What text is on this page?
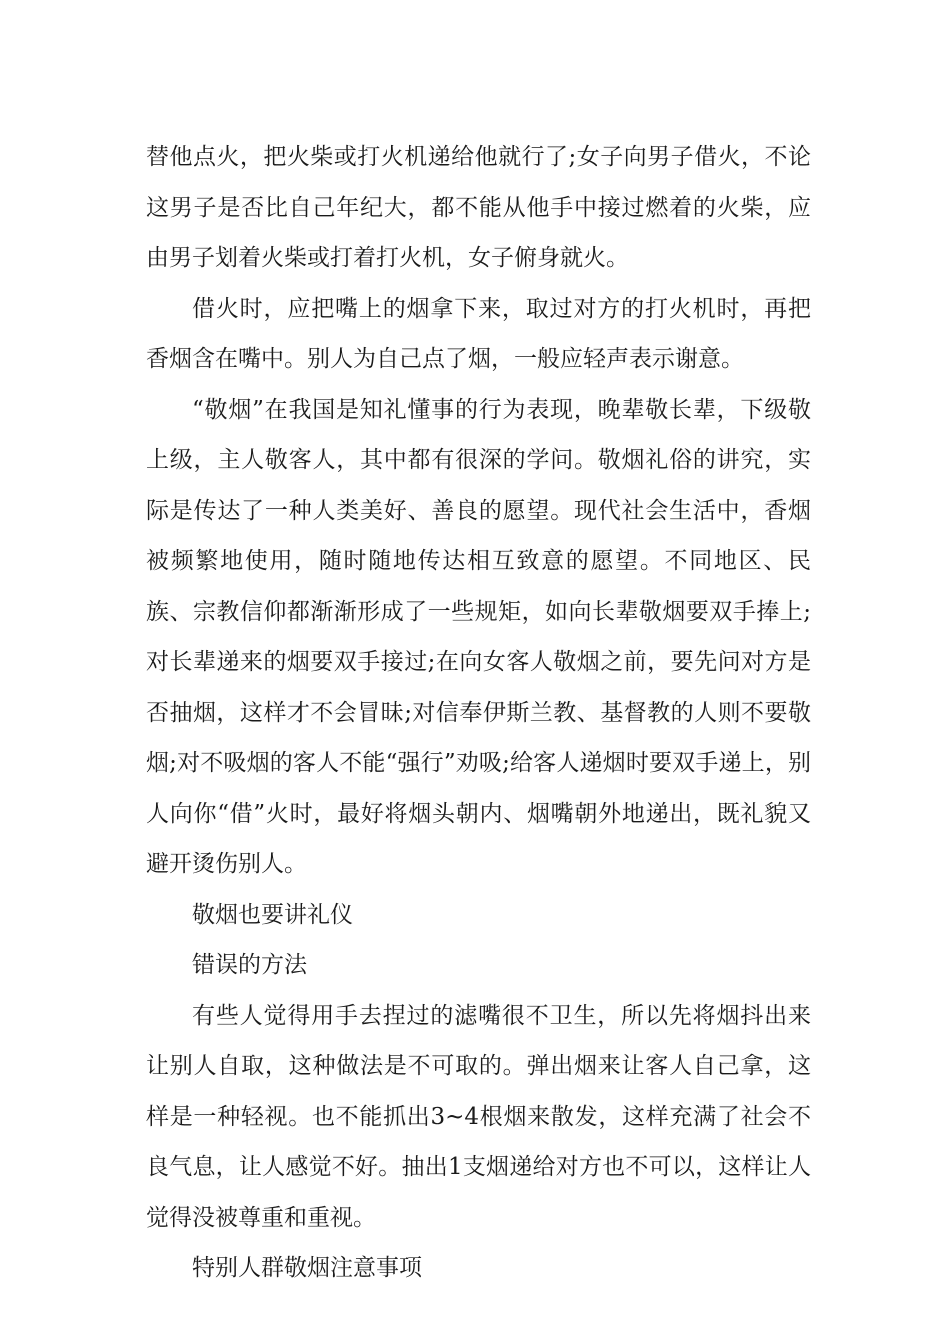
替他点火，把火柴或打火机递给他就行了;女子向男子借火，不论这男子是否比自己年纪大，都不能从他手中接过燃着的火柴，应由男子划着火柴或打着打火机，女子俯身就火。

借火时，应把嘴上的烟拿下来，取过对方的打火机时，再把香烟含在嘴中。别人为自己点了烟，一般应轻声表示谢意。

“敬烟”在我国是知礼懂事的行为表现，晚辈敬长辈，下级敬上级，主人敬客人，其中都有很深的学问。敬烟礼俗的讲究，实际是传达了一种人类美好、善良的愿望。现代社会生活中，香烟被频繁地使用，随时随地传达相互致意的愿望。不同地区、民族、宗教信仰都渐渐形成了一些规矩，如向长辈敬烟要双手捧上;对长辈递来的烟要双手接过;在向女客人敬烟之前，要先问对方是否抽烟，这样才不会冒昧;对信奉伊斯兰教、基督教的人则不要敬烟;对不吸烟的客人不能“强行”劝吸;给客人递烟时要双手递上，别人向你“借”火时，最好将烟头朝内、烟嘴朝外地递出，既礼貌又避开烫伤别人。

敬烟也要讲礼仪

错误的方法

有些人觉得用手去捏过的滤嘴很不卫生，所以先将烟抖出来让别人自取，这种做法是不可取的。弹出烟来让客人自己拿，这样是一种轻视。也不能抓出3~4根烟来散发，这样充满了社会不良气息，让人感觉不好。抽出1支烟递给对方也不可以，这样让人觉得没被尊重和重视。

特别人群敬烟注意事项
